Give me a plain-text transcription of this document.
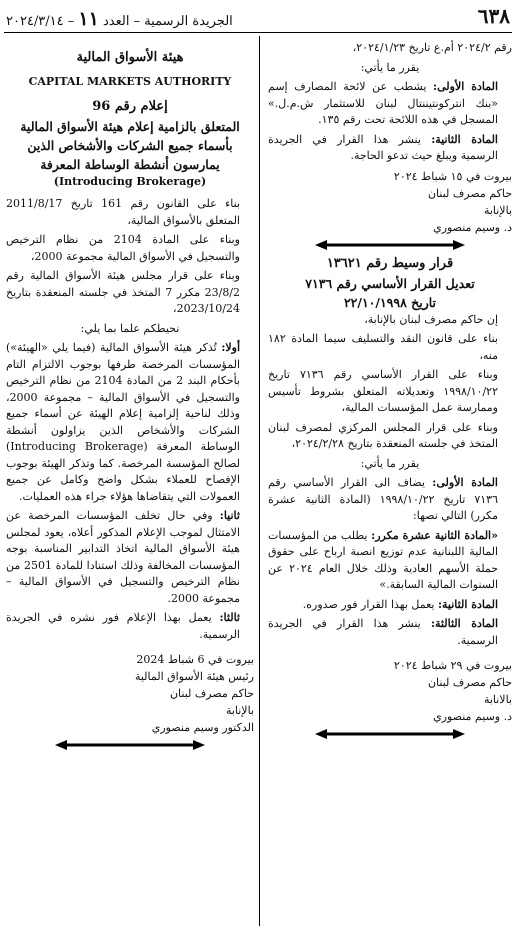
٦٣٨
الجريدة الرسمية – العدد ١١ – ٢٠٢٤/٣/١٤

رقم ٢٠٢٤/٢ أم.ع تاريخ ٢٠٢٤/١/٢٣،

يقرر ما يأتي:

المادة الأولى: يشطب عن لائحة المصارف إسم «بنك انتركونتيننتال لبنان للاستثمار ش.م.ل.» المسجل في هذه اللائحة تحت رقم ١٣٥.

المادة الثانية: ينشر هذا القرار في الجريدة الرسمية ويبلغ حيث تدعو الحاجة.

بيروت في ١٥ شباط ٢٠٢٤

حاكم مصرف لبنان

بالإنابة

د. وسيم منصوري

قرار وسيط رقم ١٣٦٢١
تعديل القرار الأساسي رقم ٧١٣٦
تاريخ ٢٢/١٠/١٩٩٨

إن حاكم مصرف لبنان بالإنابة،

بناء على قانون النقد والتسليف سيما المادة ١٨٢ منه،

وبناء على القرار الأساسي رقم ٧١٣٦ تاريخ ١٩٩٨/١٠/٢٢ وتعديلاته المتعلق بشروط تأسيس وممارسة عمل المؤسسات المالية،

وبناء على قرار المجلس المركزي لمصرف لبنان المتخذ في جلسته المنعقدة بتاريخ ٢٠٢٤/٢/٢٨،

يقرر ما يأتي:

المادة الأولى: يضاف الى القرار الأساسي رقم ٧١٣٦ تاريخ ١٩٩٨/١٠/٢٢ (المادة الثانية عشرة مكرر) التالي نصها:

«المادة الثانية عشرة مكرر: يطلب من المؤسسات المالية اللبنانية عدم توزيع انصبة ارباح على حقوق حملة الأسهم العادية وذلك خلال العام ٢٠٢٤ عن السنوات المالية السابقة.»

المادة الثانية: يعمل بهذا القرار فور صدوره.

المادة الثالثة: ينشر هذا القرار في الجريدة الرسمية.

بيروت في ٢٩ شباط ٢٠٢٤

حاكم مصرف لبنان

بالانابة

د. وسيم منصوري

هيئة الأسواق المالية
CAPITAL MARKETS AUTHORITY
إعلام رقم 96
المتعلق بالزامية إعلام هيئة الأسواق المالية بأسماء جميع الشركات والأشخاص الذين يمارسون أنشطة الوساطة المعرفة
(Introducing Brokerage)

بناء على القانون رقم 161 تاريخ 2011/8/17 المتعلق بالأسواق المالية،

وبناء على المادة 2104 من نظام الترخيص والتسجيل في الأسواق المالية مجموعة 2000،

وبناء على قرار مجلس هيئة الأسواق المالية رقم 23/8/2 مكرر 7 المتخذ في جلسته المنعقدة بتاريخ 2023/10/24،

نحيطكم علما بما يلي:

أولا: تُذكر هيئة الأسواق المالية (فيما يلي «الهيئة») المؤسسات المرخصة طرفها بوجوب الالتزام التام بأحكام البند 2 من المادة 2104 من نظام الترخيص والتسجيل في الأسواق المالية – مجموعة 2000، وذلك لناحية إلزامية إعلام الهيئة عن أسماء جميع الشركات والأشخاص الذين يزاولون أنشطة الوساطة المعرفة (Introducing Brokerage) لصالح المؤسسة المرخصة. كما وتذكر الهيئة بوجوب الإفصاح للعملاء بشكل واضح وكامل عن جميع العمولات التي يتقاضاها هؤلاء جراء هذه العمليات.

ثانيا: وفي حال تخلف المؤسسات المرخصة عن الامتثال لموجب الإعلام المذكور أعلاه، يعود لمجلس هيئة الأسواق المالية اتخاذ التدابير المناسبة بوجه المؤسسات المخالفة وذلك استنادا للمادة 2501 من نظام الترخيص والتسجيل في الأسواق المالية – مجموعة 2000.

ثالثا: يعمل بهذا الإعلام فور نشره في الجريدة الرسمية.

بيروت في 6 شباط 2024

رئيس هيئة الأسواق المالية

حاكم مصرف لبنان

بالإنابة

الدكتور وسيم منصوري
